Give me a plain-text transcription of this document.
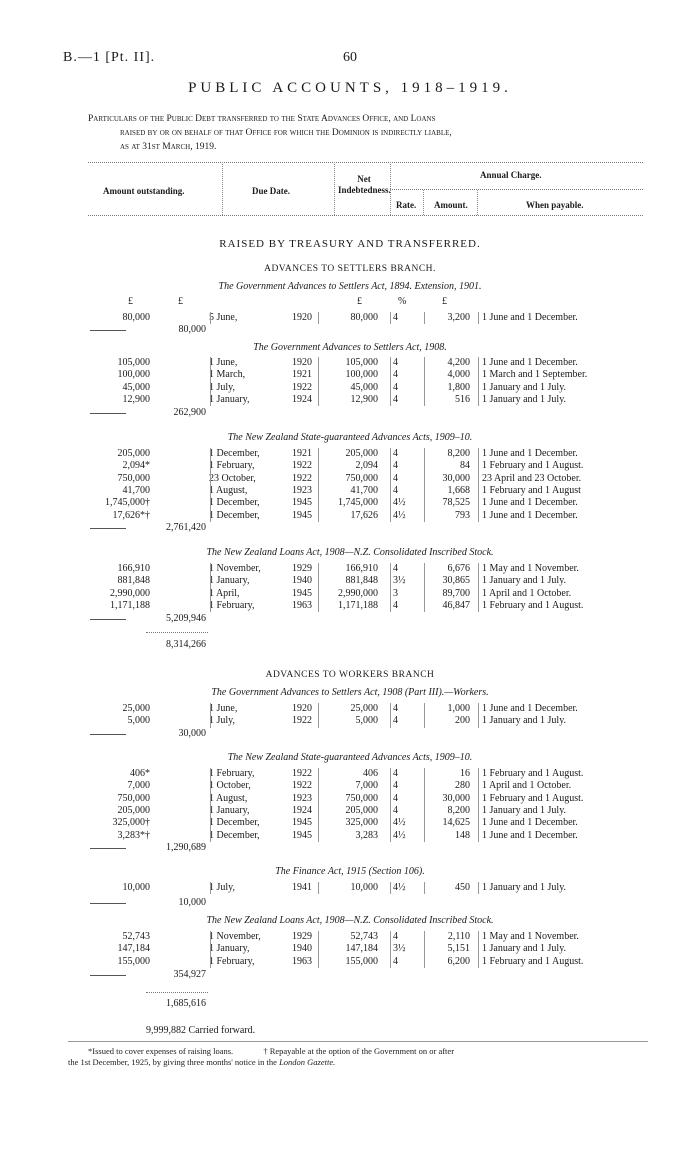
B.—1 [Pt. II].	60
PUBLIC ACCOUNTS, 1918–1919.
Particulars of the Public Debt transferred to the State Advances Office, and Loans
raised by or on behalf of that Office for which the Dominion is indirectly liable,
as at 31st March, 1919.
Amount outstanding.	Due Date.
Net Indebtedness.
Annual Charge.
Rate. Amount.	When payable.
RAISED BY TREASURY AND TRANSFERRED.
ADVANCES TO SETTLERS BRANCH.
The Government Advances to Settlers Act, 1894. Extension, 1901.
£	£	£	%	£
80,000	5 June,	1920	80,000 4	3,200 1 June and 1 December.
80,000
105,000	1 June,	1920	105,000 4	4,200 1 June and 1 December.
100,000	1 March,	1921	100,000 4	4,000 1 March and 1 September.
45,000	1 July,	1922	45,000 4	1,800 1 January and 1 July.
12,900	1 January,	1924	12,900 4	516 1 January and 1 July.
262,900
205,000	1 December,	1921	205,000 4	8,200 1 June and 1 December.
2,094*	1 February,	1922	2,094 4	84 1 February and 1 August.
750,000	23 October,	1922	750,000 4	30,000 23 April and 23 October.
41,700	1 August,	1923	41,700 4	1,668 1 February and 1 August
1,745,000†	1 December,	1945	1,745,000 4½	78,525 1 June and 1 December.
17,626*†	1 December,	1945	17,626 4½	793 1 June and 1 December.
2,761,420
166,910	1 November,	1929	166,910 4	6,676 1 May and 1 November.
881,848	1 January,	1940	881,848 3½	30,865 1 January and 1 July.
2,990,000	1 April,	1945	2,990,000 3	89,700 1 April and 1 October.
1,171,188	1 February,	1963	1,171,188 4	46,847 1 February and 1 August.
5,209,946
The Government Advances to Settlers Act, 1908.
The New Zealand State-guaranteed Advances Acts, 1909–10.
The New Zealand Loans Act, 1908—N.Z. Consolidated Inscribed Stock.
8,314,266
ADVANCES TO WORKERS BRANCH
The Government Advances to Settlers Act, 1908 (Part III).—Workers.
The New Zealand State-guaranteed Advances Acts, 1909–10.
The Finance Act, 1915 (Section 106).
The New Zealand Loans Act, 1908—N.Z. Consolidated Inscribed Stock.
25,000	1 June,	1920	25,000 4	1,000 1 June and 1 December.
5,000	1 July,	1922	5,000 4	200 1 January and 1 July.
30,000
406*	1 February,	1922	406 4	16 1 February and 1 August.
7,000	1 October,	1922	7,000 4	280 1 April and 1 October.
750,000	1 August,	1923	750,000 4	30,000 1 February and 1 August.
205,000	1 January,	1924	205,000 4	8,200 1 January and 1 July.
325,000†	1 December,	1945	325,000 4½	14,625 1 June and 1 December.
3,283*†	1 December,	1945	3,283 4½	148 1 June and 1 December.
1,290,689
10,000	1 July,	1941	10,000 4½	450 1 January and 1 July.
10,000
52,743	1 November,	1929	52,743 4	2,110 1 May and 1 November.
147,184	1 January,	1940	147,184 3½	5,151 1 January and 1 July.
155,000	1 February,	1963	155,000 4	6,200 1 February and 1 August.
354,927
1,685,616
9,999,882 Carried forward.
*Issued to cover expenses of raising loans.	† Repayable at the option of the Government on or after
the 1st December, 1925, by giving three months' notice in the London Gazette.
